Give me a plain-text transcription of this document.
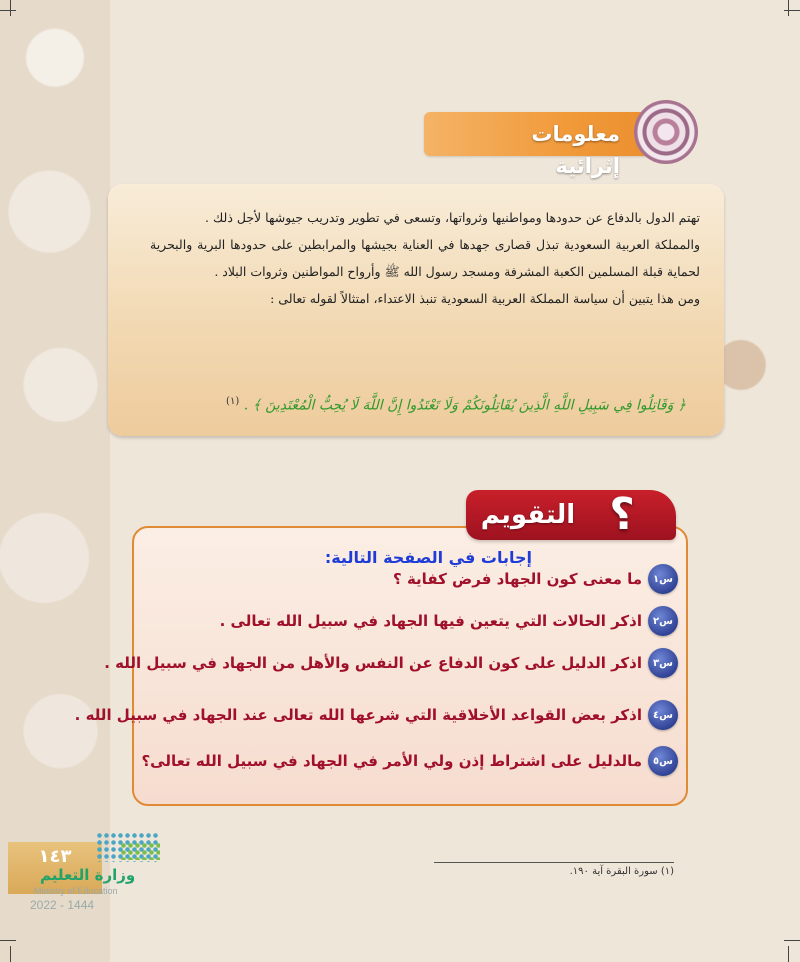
معلومات إثرائية

تهتم الدول بالدفاع عن حدودها ومواطنيها وثرواتها، وتسعى في تطوير وتدريب جيوشها لأجل ذلك .

والمملكة العربية السعودية تبذل قصارى جهدها في العناية بجيشها والمرابطين على حدودها البرية والبحرية لحماية قبلة المسلمين الكعبة المشرفة ومسجد رسول الله ﷺ وأرواح المواطنين وثروات البلاد .

ومن هذا يتبين أن سياسة المملكة العربية السعودية تنبذ الاعتداء، امتثالاً لقوله تعالى :

﴿ وَقَاتِلُوا فِي سَبِيلِ اللَّهِ الَّذِينَ يُقَاتِلُونَكُمْ وَلَا تَعْتَدُوا إِنَّ اللَّهَ لَا يُحِبُّ الْمُعْتَدِينَ ﴾ . $^{(١)}$
التقويم ؟
إجابات في الصفحة التالية:
س١
ما معنى كون الجهاد فرض كفاية ؟
س٢
اذكر الحالات التي يتعين فيها الجهاد في سبيل الله تعالى .
س٣
اذكر الدليل على كون الدفاع عن النفس والأهل من الجهاد في سبيل الله .
س٤
اذكر بعض القواعد الأخلاقية التي شرعها الله تعالى عند الجهاد في سبيل الله .
س٥
مالدليل على اشتراط إذن ولي الأمر في الجهاد في سبيل الله تعالى؟
(١) سورة البقرة آية ١٩٠.
١٤٣
وزارة التعليم
Ministry of Education
2022 - 1444
